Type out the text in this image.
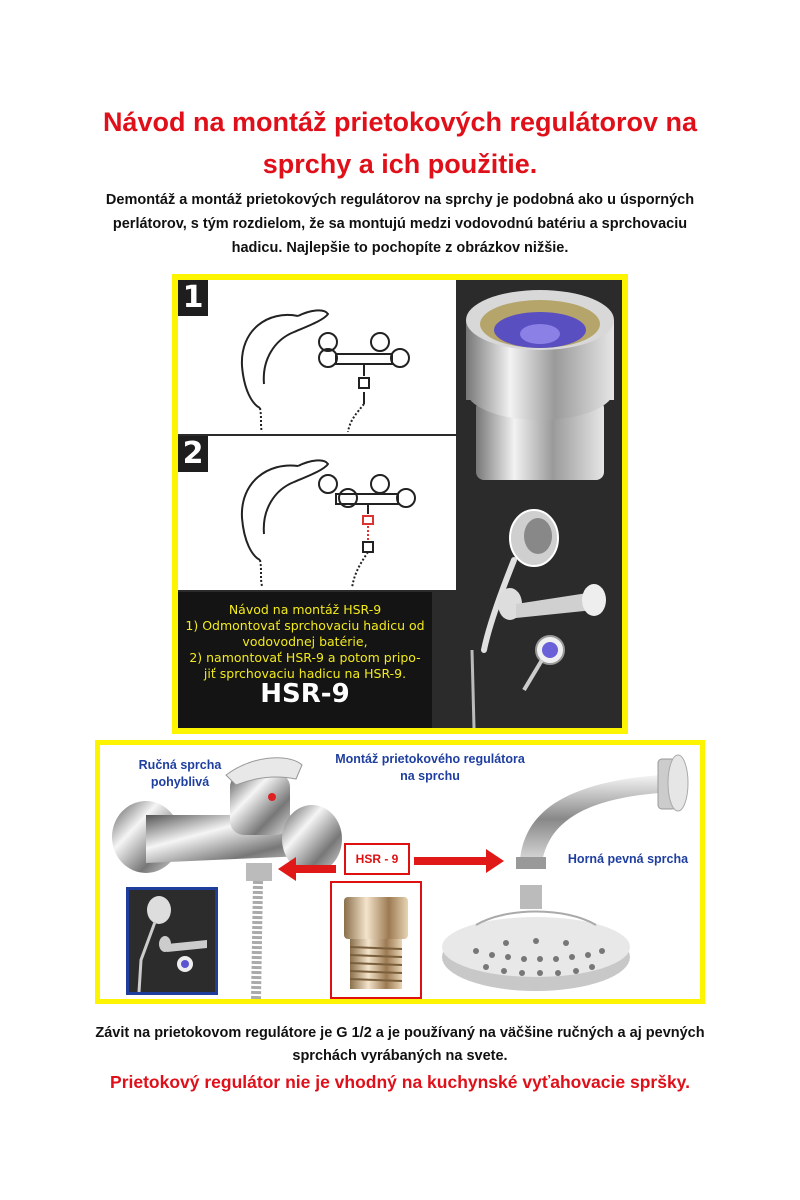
Návod na montáž prietokových regulátorov na
sprchy a ich použitie.
Demontáž a montáž prietokových regulátorov na sprchy je podobná ako u úsporných
perlátorov, s tým rozdielom, že sa montujú medzi vodovodnú batériu a sprchovaciu
hadicu. Najlepšie to pochopíte z obrázkov nižšie.
1
2
Návod na montáž HSR-9
1) Odmontovať sprchovaciu hadicu od
vodovodnej batérie,
2) namontovať HSR-9 a potom pripo-
jiť sprchovaciu hadicu na HSR-9.
HSR-9
Ručná sprcha
pohyblivá
Montáž prietokového regulátora
na sprchu
Horná pevná sprcha
HSR - 9
Závit na prietokovom regulátore je G 1/2 a je používaný na väčšine ručných a aj pevných
sprchách vyrábaných na svete.
Prietokový regulátor nie je vhodný na kuchynské vyťahovacie spršky.
